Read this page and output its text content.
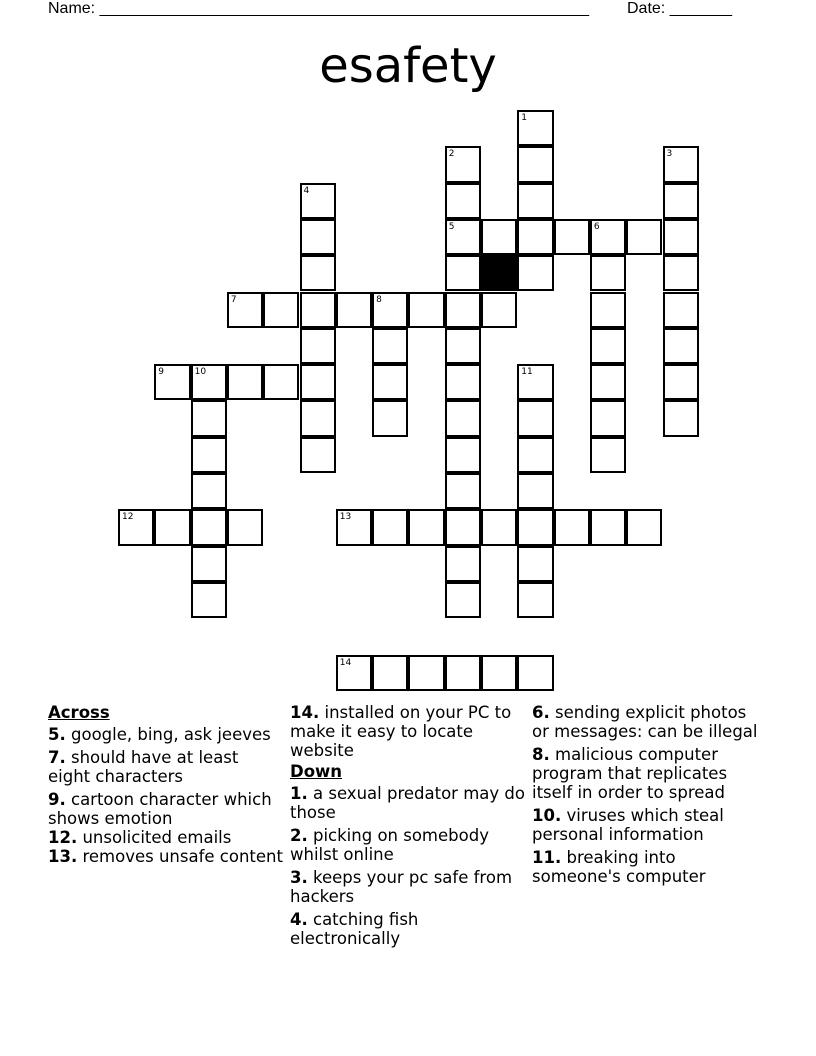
Name: _______________________________________________________ Date: _______
esafety
1
2	3
4
5	6
7	8
9	10	11
12	13
14
Across
5. google, bing, ask jeeves
7. should have at least eight characters
9. cartoon character which shows emotion
12. unsolicited emails
13. removes unsafe content
14. installed on your PC to make it easy to locate website
Down
1. a sexual predator may do those
2. picking on somebody whilst online
3. keeps your pc safe from hackers
4. catching fish electronically
6. sending explicit photos or messages: can be illegal
8. malicious computer program that replicates itself in order to spread
10. viruses which steal personal information
11. breaking into someone's computer
